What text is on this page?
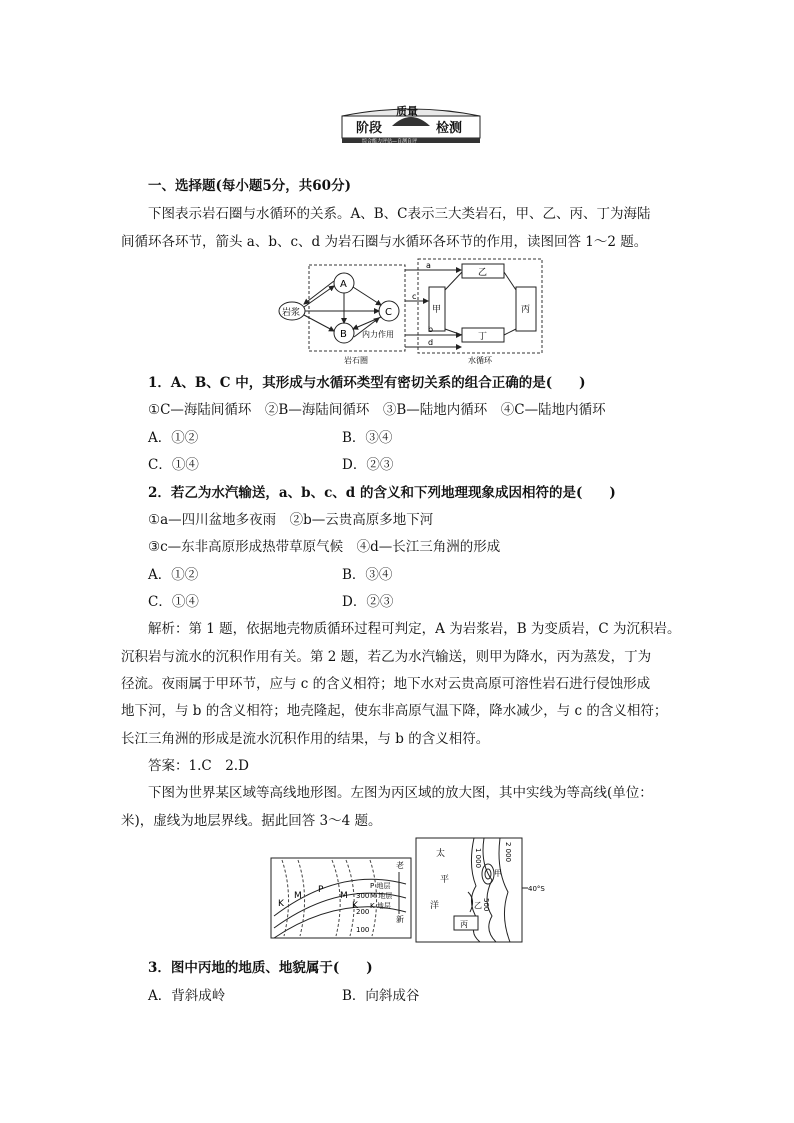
阶段	检测
质量
综合能力评估—自测自评
一、选择题(每小题5分，共60分)
下图表示岩石圈与水循环的关系。A、B、C表示三大类岩石，甲、乙、丙、丁为海陆
间循环各环节，箭头 a、b、c、d 为岩石圈与水循环各环节的作用，读图回答 1～2 题。
岩浆
A
B
C
内力作用
岩石圈	水循环
乙
甲	丙
丁
a
c
b
d
1．A、B、C 中，其形成与水循环类型有密切关系的组合正确的是(　　)
①C—海陆间循环　②B—海陆间循环　③B—陆地内循环　④C—陆地内循环
A．①②	B．③④
C．①④	D．②③
2．若乙为水汽输送，a、b、c、d 的含义和下列地理现象成因相符的是(　　)
①a—四川盆地多夜雨　②b—云贵高原多地下河
③c—东非高原形成热带草原气候　④d—长江三角洲的形成
A．①②	B．③④
C．①④	D．②③
解析：第 1 题，依据地壳物质循环过程可判定，A 为岩浆岩，B 为变质岩，C 为沉积岩。
沉积岩与流水的沉积作用有关。第 2 题，若乙为水汽输送，则甲为降水，丙为蒸发，丁为
径流。夜雨属于甲环节，应与 c 的含义相符；地下水对云贵高原可溶性岩石进行侵蚀形成
地下河，与 b 的含义相符；地壳隆起，使东非高原气温下降，降水减少，与 c 的含义相符；
长江三角洲的形成是流水沉积作用的结果，与 b 的含义相符。
答案：1.C　2.D
下图为世界某区域等高线地形图。左图为丙区域的放大图，其中实线为等高线(单位：
米)，虚线为地层界线。据此回答 3～4 题。
K
M
P
M
K
300
200
100
老
P 地层
M 地层
K 地层
新
太
平
洋
甲
乙
丙
1 000	2 000
500
40°S
3．图中丙地的地质、地貌属于(　　)
A．背斜成岭	B．向斜成谷
